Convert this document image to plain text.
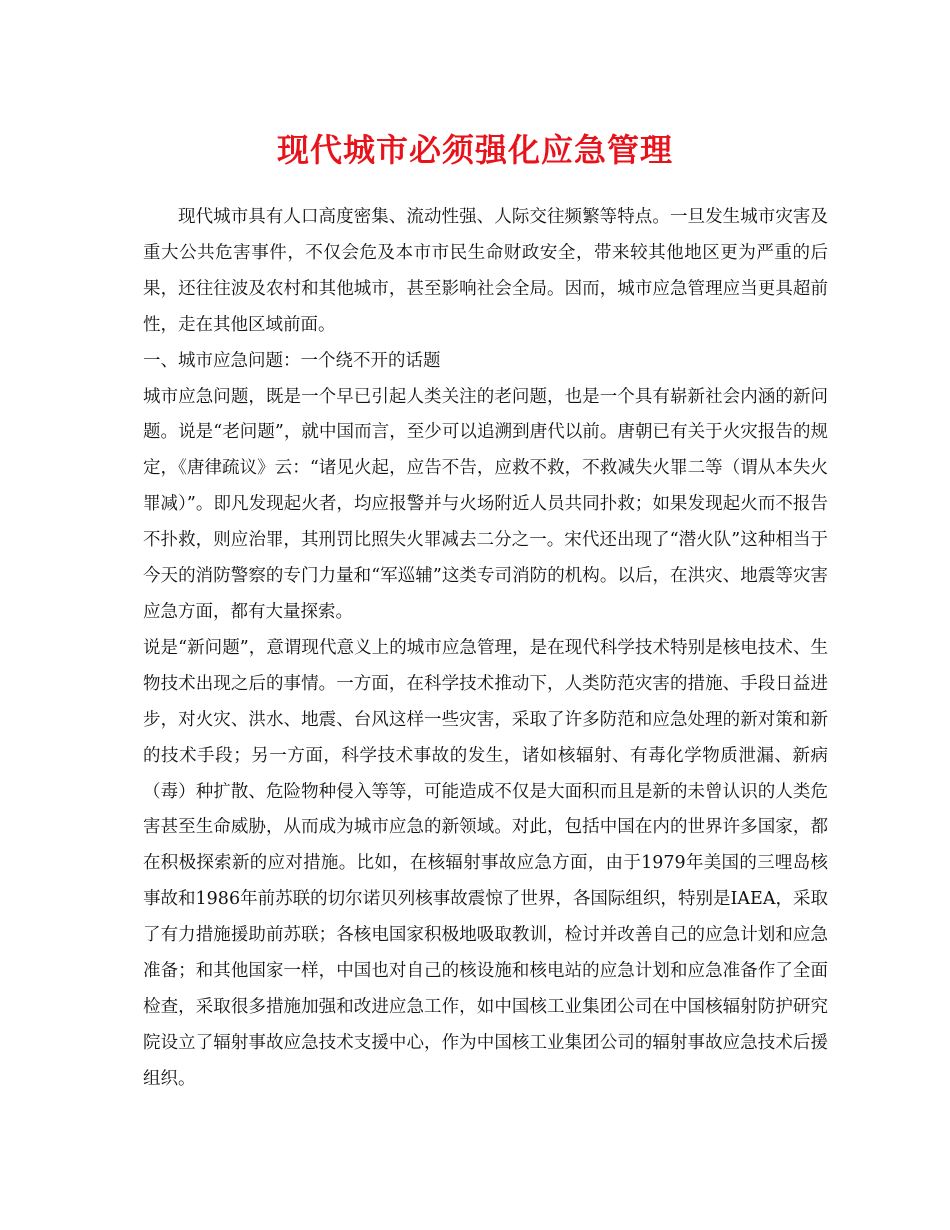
现代城市必须强化应急管理

现代城市具有人口高度密集、流动性强、人际交往频繁等特点。一旦发生城市灾害及重大公共危害事件，不仅会危及本市市民生命财政安全，带来较其他地区更为严重的后果，还往往波及农村和其他城市，甚至影响社会全局。因而，城市应急管理应当更具超前性，走在其他区域前面。

一、城市应急问题：一个绕不开的话题

城市应急问题，既是一个早已引起人类关注的老问题，也是一个具有崭新社会内涵的新问题。说是“老问题”，就中国而言，至少可以追溯到唐代以前。唐朝已有关于火灾报告的规定，《唐律疏议》云：“诸见火起，应告不告，应救不救，不救减失火罪二等（谓从本失火罪减）”。即凡发现起火者，均应报警并与火场附近人员共同扑救；如果发现起火而不报告不扑救，则应治罪，其刑罚比照失火罪减去二分之一。宋代还出现了“潜火队”这种相当于今天的消防警察的专门力量和“军巡辅”这类专司消防的机构。以后，在洪灾、地震等灾害应急方面，都有大量探索。

说是“新问题”，意谓现代意义上的城市应急管理，是在现代科学技术特别是核电技术、生物技术出现之后的事情。一方面，在科学技术推动下，人类防范灾害的措施、手段日益进步，对火灾、洪水、地震、台风这样一些灾害，采取了许多防范和应急处理的新对策和新的技术手段；另一方面，科学技术事故的发生，诸如核辐射、有毒化学物质泄漏、新病（毒）种扩散、危险物种侵入等等，可能造成不仅是大面积而且是新的未曾认识的人类危害甚至生命威胁，从而成为城市应急的新领域。对此，包括中国在内的世界许多国家，都在积极探索新的应对措施。比如，在核辐射事故应急方面，由于1979年美国的三哩岛核事故和1986年前苏联的切尔诺贝列核事故震惊了世界，各国际组织，特别是IAEA，采取了有力措施援助前苏联；各核电国家积极地吸取教训，检讨并改善自己的应急计划和应急准备；和其他国家一样，中国也对自己的核设施和核电站的应急计划和应急准备作了全面检查，采取很多措施加强和改进应急工作，如中国核工业集团公司在中国核辐射防护研究院设立了辐射事故应急技术支援中心，作为中国核工业集团公司的辐射事故应急技术后援组织。
